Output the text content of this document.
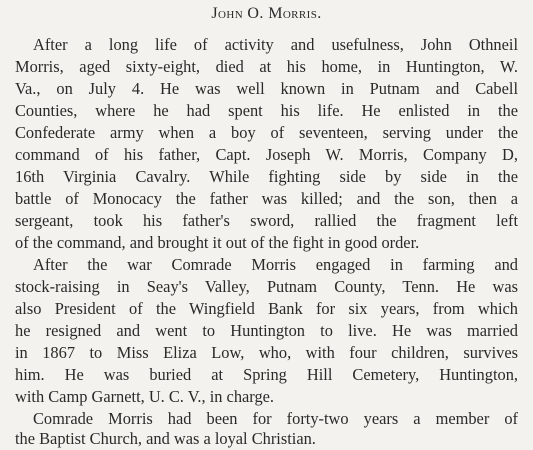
John O. Morris.
After a long life of activity and usefulness, John Othneil
Morris, aged sixty-eight, died at his home, in Huntington, W.
Va., on July 4. He was well known in Putnam and Cabell
Counties, where he had spent his life. He enlisted in the
Confederate army when a boy of seventeen, serving under the
command of his father, Capt. Joseph W. Morris, Company D,
16th Virginia Cavalry. While fighting side by side in the
battle of Monocacy the father was killed; and the son, then a
sergeant, took his father's sword, rallied the fragment left
of the command, and brought it out of the fight in good order.
After the war Comrade Morris engaged in farming and
stock-raising in Seay's Valley, Putnam County, Tenn. He was
also President of the Wingfield Bank for six years, from which
he resigned and went to Huntington to live. He was married
in 1867 to Miss Eliza Low, who, with four children, survives
him. He was buried at Spring Hill Cemetery, Huntington,
with Camp Garnett, U. C. V., in charge.
Comrade Morris had been for forty-two years a member of
the Baptist Church, and was a loyal Christian.
